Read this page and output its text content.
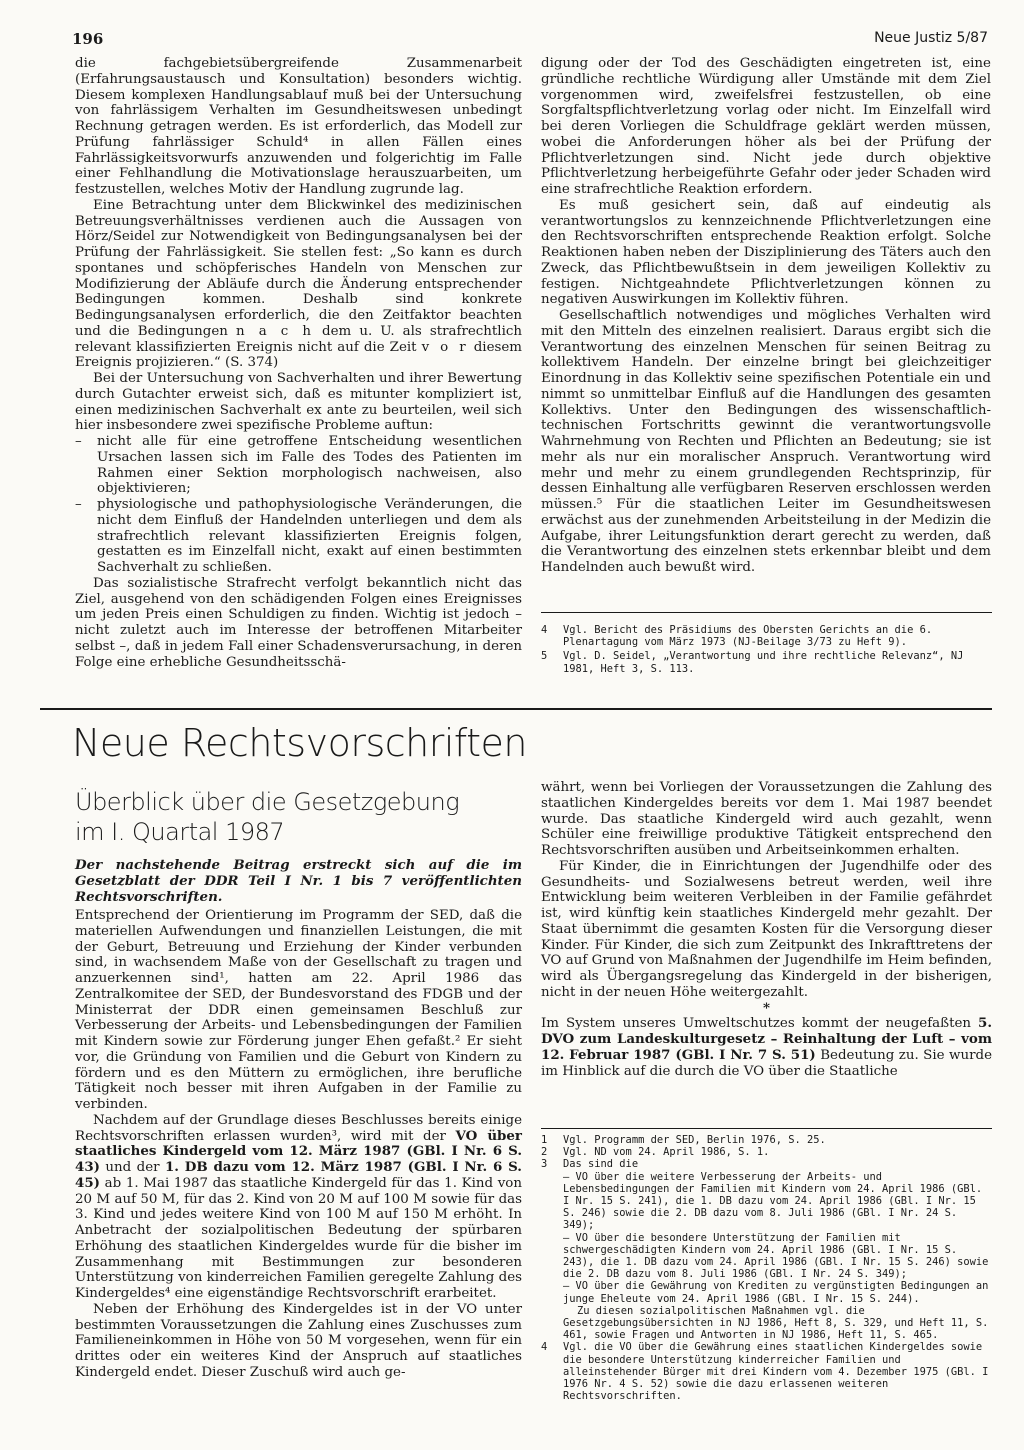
196	Neue Justiz 5/87

die fachgebietsübergreifende Zusammenarbeit (Erfahrungsaustausch und Konsultation) besonders wichtig. Diesem komplexen Handlungsablauf muß bei der Untersuchung von fahrlässigem Verhalten im Gesundheitswesen unbedingt Rechnung getragen werden. Es ist erforderlich, das Modell zur Prüfung fahrlässiger Schuld⁴ in allen Fällen eines Fahrlässigkeitsvorwurfs anzuwenden und folgerichtig im Falle einer Fehlhandlung die Motivationslage herauszuarbeiten, um festzustellen, welches Motiv der Handlung zugrunde lag.

Eine Betrachtung unter dem Blickwinkel des medizinischen Betreuungsverhältnisses verdienen auch die Aussagen von Hörz/Seidel zur Notwendigkeit von Bedingungsanalysen bei der Prüfung der Fahrlässigkeit. Sie stellen fest: „So kann es durch spontanes und schöpferisches Handeln von Menschen zur Modifizierung der Abläufe durch die Änderung entsprechender Bedingungen kommen. Deshalb sind konkrete Bedingungsanalysen erforderlich, die den Zeitfaktor beachten und die Bedingungen n a c h dem u. U. als strafrechtlich relevant klassifizierten Ereignis nicht auf die Zeit v o r diesem Ereignis projizieren.“ (S. 374)

Bei der Untersuchung von Sachverhalten und ihrer Bewertung durch Gutachter erweist sich, daß es mitunter kompliziert ist, einen medizinischen Sachverhalt ex ante zu beurteilen, weil sich hier insbesondere zwei spezifische Probleme auftun:

– nicht alle für eine getroffene Entscheidung wesentlichen Ursachen lassen sich im Falle des Todes des Patienten im Rahmen einer Sektion morphologisch nachweisen, also objektivieren;
– physiologische und pathophysiologische Veränderungen, die nicht dem Einfluß der Handelnden unterliegen und dem als strafrechtlich relevant klassifizierten Ereignis folgen, gestatten es im Einzelfall nicht, exakt auf einen bestimmten Sachverhalt zu schließen.

Das sozialistische Strafrecht verfolgt bekanntlich nicht das Ziel, ausgehend von den schädigenden Folgen eines Ereignisses um jeden Preis einen Schuldigen zu finden. Wichtig ist jedoch – nicht zuletzt auch im Interesse der betroffenen Mitarbeiter selbst –, daß in jedem Fall einer Schadensverursachung, in deren Folge eine erhebliche Gesundheitsschä-

digung oder der Tod des Geschädigten eingetreten ist, eine gründliche rechtliche Würdigung aller Umstände mit dem Ziel vorgenommen wird, zweifelsfrei festzustellen, ob eine Sorgfaltspflichtverletzung vorlag oder nicht. Im Einzelfall wird bei deren Vorliegen die Schuldfrage geklärt werden müssen, wobei die Anforderungen höher als bei der Prüfung der Pflichtverletzungen sind. Nicht jede durch objektive Pflichtverletzung herbeigeführte Gefahr oder jeder Schaden wird eine strafrechtliche Reaktion erfordern.

Es muß gesichert sein, daß auf eindeutig als verantwortungslos zu kennzeichnende Pflichtverletzungen eine den Rechtsvorschriften entsprechende Reaktion erfolgt. Solche Reaktionen haben neben der Disziplinierung des Täters auch den Zweck, das Pflichtbewußtsein in dem jeweiligen Kollektiv zu festigen. Nichtgeahndete Pflichtverletzungen können zu negativen Auswirkungen im Kollektiv führen.

Gesellschaftlich notwendiges und mögliches Verhalten wird mit den Mitteln des einzelnen realisiert. Daraus ergibt sich die Verantwortung des einzelnen Menschen für seinen Beitrag zu kollektivem Handeln. Der einzelne bringt bei gleichzeitiger Einordnung in das Kollektiv seine spezifischen Potentiale ein und nimmt so unmittelbar Einfluß auf die Handlungen des gesamten Kollektivs. Unter den Bedingungen des wissenschaftlich-technischen Fortschritts gewinnt die verantwortungsvolle Wahrnehmung von Rechten und Pflichten an Bedeutung; sie ist mehr als nur ein moralischer Anspruch. Verantwortung wird mehr und mehr zu einem grundlegenden Rechtsprinzip, für dessen Einhaltung alle verfügbaren Reserven erschlossen werden müssen.⁵ Für die staatlichen Leiter im Gesundheitswesen erwächst aus der zunehmenden Arbeitsteilung in der Medizin die Aufgabe, ihrer Leitungsfunktion derart gerecht zu werden, daß die Verantwortung des einzelnen stets erkennbar bleibt und dem Handelnden auch bewußt wird.

4 Vgl. Bericht des Präsidiums des Obersten Gerichts an die 6. Plenartagung vom März 1973 (NJ-Beilage 3/73 zu Heft 9).
5 Vgl. D. Seidel, „Verantwortung und ihre rechtliche Relevanz“, NJ 1981, Heft 3, S. 113.
Neue Rechtsvorschriften
Überblick über die Gesetzgebung
im I. Quartal 1987

Der nachstehende Beitrag erstreckt sich auf die im Gesetzblatt der DDR Teil I Nr. 1 bis 7 veröffentlichten Rechtsvorschriften.

Entsprechend der Orientierung im Programm der SED, daß die materiellen Aufwendungen und finanziellen Leistungen, die mit der Geburt, Betreuung und Erziehung der Kinder verbunden sind, in wachsendem Maße von der Gesellschaft zu tragen und anzuerkennen sind¹, hatten am 22. April 1986 das Zentralkomitee der SED, der Bundesvorstand des FDGB und der Ministerrat der DDR einen gemeinsamen Beschluß zur Verbesserung der Arbeits- und Lebensbedingungen der Familien mit Kindern sowie zur Förderung junger Ehen gefaßt.² Er sieht vor, die Gründung von Familien und die Geburt von Kindern zu fördern und es den Müttern zu ermöglichen, ihre berufliche Tätigkeit noch besser mit ihren Aufgaben in der Familie zu verbinden.

Nachdem auf der Grundlage dieses Beschlusses bereits einige Rechtsvorschriften erlassen wurden³, wird mit der VO über staatliches Kindergeld vom 12. März 1987 (GBl. I Nr. 6 S. 43) und der 1. DB dazu vom 12. März 1987 (GBl. I Nr. 6 S. 45) ab 1. Mai 1987 das staatliche Kindergeld für das 1. Kind von 20 M auf 50 M, für das 2. Kind von 20 M auf 100 M sowie für das 3. Kind und jedes weitere Kind von 100 M auf 150 M erhöht. In Anbetracht der sozialpolitischen Bedeutung der spürbaren Erhöhung des staatlichen Kindergeldes wurde für die bisher im Zusammenhang mit Bestimmungen zur besonderen Unterstützung von kinderreichen Familien geregelte Zahlung des Kindergeldes⁴ eine eigenständige Rechtsvorschrift erarbeitet.

Neben der Erhöhung des Kindergeldes ist in der VO unter bestimmten Voraussetzungen die Zahlung eines Zuschusses zum Familieneinkommen in Höhe von 50 M vorgesehen, wenn für ein drittes oder ein weiteres Kind der Anspruch auf staatliches Kindergeld endet. Dieser Zuschuß wird auch ge-

währt, wenn bei Vorliegen der Voraussetzungen die Zahlung des staatlichen Kindergeldes bereits vor dem 1. Mai 1987 beendet wurde. Das staatliche Kindergeld wird auch gezahlt, wenn Schüler eine freiwillige produktive Tätigkeit entsprechend den Rechtsvorschriften ausüben und Arbeitseinkommen erhalten.

Für Kinder, die in Einrichtungen der Jugendhilfe oder des Gesundheits- und Sozialwesens betreut werden, weil ihre Entwicklung beim weiteren Verbleiben in der Familie gefährdet ist, wird künftig kein staatliches Kindergeld mehr gezahlt. Der Staat übernimmt die gesamten Kosten für die Versorgung dieser Kinder. Für Kinder, die sich zum Zeitpunkt des Inkrafttretens der VO auf Grund von Maßnahmen der Jugendhilfe im Heim befinden, wird als Übergangsregelung das Kindergeld in der bisherigen, nicht in der neuen Höhe weitergezahlt.

*

Im System unseres Umweltschutzes kommt der neugefaßten 5. DVO zum Landeskulturgesetz – Reinhaltung der Luft – vom 12. Februar 1987 (GBl. I Nr. 7 S. 51) Bedeutung zu. Sie wurde im Hinblick auf die durch die VO über die Staatliche

1 Vgl. Programm der SED, Berlin 1976, S. 25.
2 Vgl. ND vom 24. April 1986, S. 1.
3 Das sind die
– VO über die weitere Verbesserung der Arbeits- und Lebensbedingungen der Familien mit Kindern vom 24. April 1986 (GBl. I Nr. 15 S. 241), die 1. DB dazu vom 24. April 1986 (GBl. I Nr. 15 S. 246) sowie die 2. DB dazu vom 8. Juli 1986 (GBl. I Nr. 24 S. 349);
– VO über die besondere Unterstützung der Familien mit schwergeschädigten Kindern vom 24. April 1986 (GBl. I Nr. 15 S. 243), die 1. DB dazu vom 24. April 1986 (GBl. I Nr. 15 S. 246) sowie die 2. DB dazu vom 8. Juli 1986 (GBl. I Nr. 24 S. 349);
– VO über die Gewährung von Krediten zu vergünstigten Bedingungen an junge Eheleute vom 24. April 1986 (GBl. I Nr. 15 S. 244).
Zu diesen sozialpolitischen Maßnahmen vgl. die Gesetzgebungsübersichten in NJ 1986, Heft 8, S. 329, und Heft 11, S. 461, sowie Fragen und Antworten in NJ 1986, Heft 11, S. 465.
4 Vgl. die VO über die Gewährung eines staatlichen Kindergeldes sowie die besondere Unterstützung kinderreicher Familien und alleinstehender Bürger mit drei Kindern vom 4. Dezember 1975 (GBl. I 1976 Nr. 4 S. 52) sowie die dazu erlassenen weiteren Rechtsvorschriften.
